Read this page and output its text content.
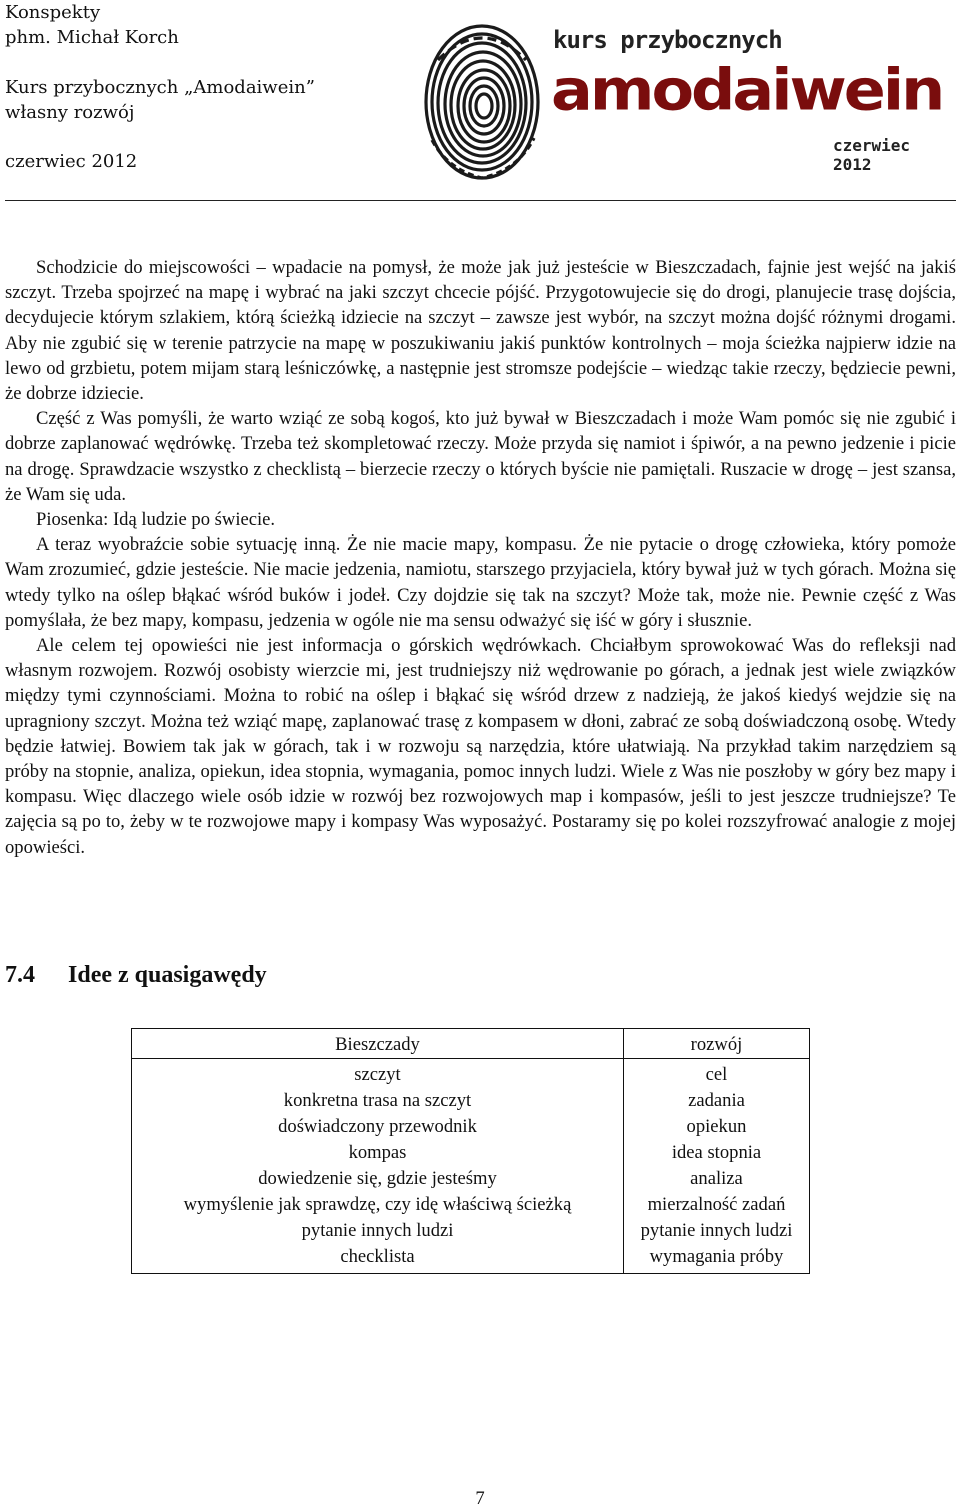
Konspekty
phm. Michał Korch
Kurs przybocznych „Amodaiwein”
własny rozwój
czerwiec 2012
kurs przybocznych
amodaiwein
czerwiec 2012

Schodzicie do miejscowości – wpadacie na pomysł, że może jak już jesteście w Bieszczadach, fajnie jest wejść na jakiś szczyt. Trzeba spojrzeć na mapę i wybrać na jaki szczyt chcecie pójść. Przygotowujecie się do drogi, planujecie trasę dojścia, decydujecie którym szlakiem, którą ścieżką idziecie na szczyt – zawsze jest wybór, na szczyt można dojść różnymi drogami. Aby nie zgubić się w terenie patrzycie na mapę w poszukiwaniu jakiś punktów kontrolnych – moja ścieżka najpierw idzie na lewo od grzbietu, potem mijam starą leśniczówkę, a następnie jest stromsze podejście – wiedząc takie rzeczy, będziecie pewni, że dobrze idziecie.

Część z Was pomyśli, że warto wziąć ze sobą kogoś, kto już bywał w Bieszczadach i może Wam pomóc się nie zgubić i dobrze zaplanować wędrówkę. Trzeba też skompletować rzeczy. Może przyda się namiot i śpiwór, a na pewno jedzenie i picie na drogę. Sprawdzacie wszystko z checklistą – bierzecie rzeczy o których byście nie pamiętali. Ruszacie w drogę – jest szansa, że Wam się uda.

Piosenka: Idą ludzie po świecie.

A teraz wyobraźcie sobie sytuację inną. Że nie macie mapy, kompasu. Że nie pytacie o drogę człowieka, który pomoże Wam zrozumieć, gdzie jesteście. Nie macie jedzenia, namiotu, starszego przyjaciela, który bywał już w tych górach. Można się wtedy tylko na oślep błąkać wśród buków i jodeł. Czy dojdzie się tak na szczyt? Może tak, może nie. Pewnie część z Was pomyślała, że bez mapy, kompasu, jedzenia w ogóle nie ma sensu odważyć się iść w góry i słusznie.

Ale celem tej opowieści nie jest informacja o górskich wędrówkach. Chciałbym sprowokować Was do refleksji nad własnym rozwojem. Rozwój osobisty wierzcie mi, jest trudniejszy niż wędrowanie po górach, a jednak jest wiele związków między tymi czynnościami. Można to robić na oślep i błąkać się wśród drzew z nadzieją, że jakoś kiedyś wejdzie się na upragniony szczyt. Można też wziąć mapę, zaplanować trasę z kompasem w dłoni, zabrać ze sobą doświadczoną osobę. Wtedy będzie łatwiej. Bowiem tak jak w górach, tak i w rozwoju są narzędzia, które ułatwiają. Na przykład takim narzędziem są próby na stopnie, analiza, opiekun, idea stopnia, wymagania, pomoc innych ludzi. Wiele z Was nie poszłoby w góry bez mapy i kompasu. Więc dlaczego wiele osób idzie w rozwój bez rozwojowych map i kompasów, jeśli to jest jeszcze trudniejsze? Te zajęcia są po to, żeby w te rozwojowe mapy i kompasy Was wyposażyć. Postaramy się po kolei rozszyfrować analogie z mojej opowieści.

7.4 Idee z quasigawędy
Bieszczady	rozwój
szczyt	cel
konkretna trasa na szczyt	zadania
doświadczony przewodnik	opiekun
kompas	idea stopnia
dowiedzenie się, gdzie jesteśmy	analiza
wymyślenie jak sprawdzę, czy idę właściwą ścieżką	mierzalność zadań
pytanie innych ludzi	pytanie innych ludzi
checklista	wymagania próby
7
